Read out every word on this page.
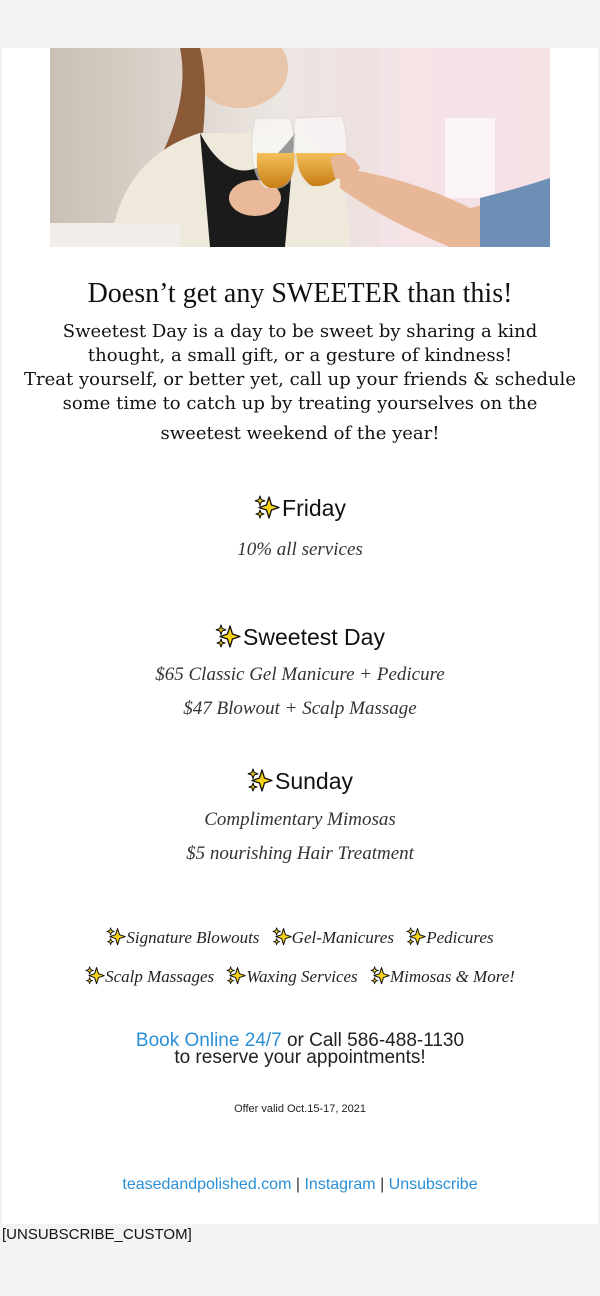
Doesn’t get any SWEETER than this!
Sweetest Day is a day to be sweet by sharing a kind
thought, a small gift, or a gesture of kindness!
Treat yourself, or better yet, call up your friends & schedule
some time to catch up by treating yourselves on the

sweetest weekend of the year!
Friday
10% all services
Sweetest Day
$65 Classic Gel Manicure + Pedicure
$47 Blowout + Scalp Massage
Sunday
Complimentary Mimosas
$5 nourishing Hair Treatment
Signature Blowouts Gel-Manicures Pedicures
Scalp Massages Waxing Services Mimosas & More!
Book Online 24/7 or Call 586-488-1130
to reserve your appointments!
Offer valid Oct.15-17, 2021
teasedandpolished.com | Instagram | Unsubscribe
[UNSUBSCRIBE_CUSTOM]
